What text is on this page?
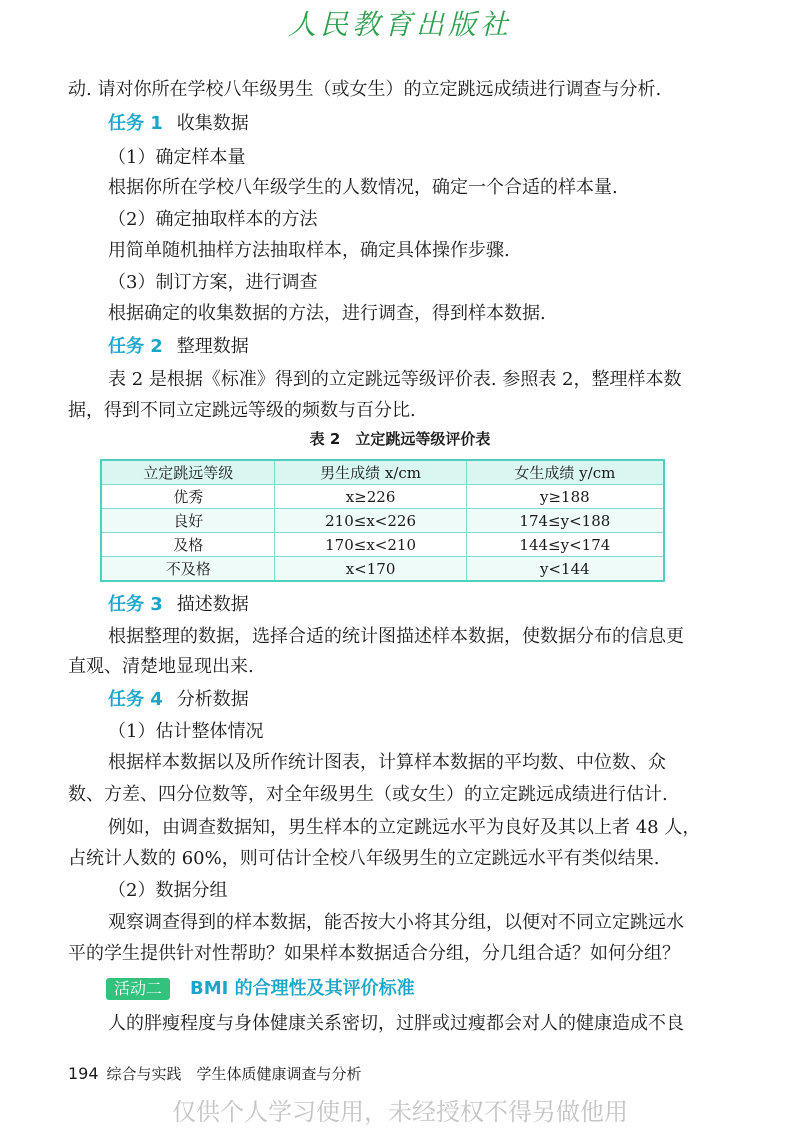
人民教育出版社
动. 请对你所在学校八年级男生（或女生）的立定跳远成绩进行调查与分析.
任务 1 收集数据
（1）确定样本量
根据你所在学校八年级学生的人数情况，确定一个合适的样本量.
（2）确定抽取样本的方法
用简单随机抽样方法抽取样本，确定具体操作步骤.
（3）制订方案，进行调查
根据确定的收集数据的方法，进行调查，得到样本数据.
任务 2 整理数据
表 2 是根据《标准》得到的立定跳远等级评价表. 参照表 2，整理样本数
据，得到不同立定跳远等级的频数与百分比.
表 2　立定跳远等级评价表
立定跳远等级	男生成绩 x/cm	女生成绩 y/cm
优秀	x≥226	y≥188
良好	210≤x<226	174≤y<188
及格	170≤x<210	144≤y<174
不及格	x<170	y<144
任务 3 描述数据
根据整理的数据，选择合适的统计图描述样本数据，使数据分布的信息更
直观、清楚地显现出来.
任务 4 分析数据
（1）估计整体情况
根据样本数据以及所作统计图表，计算样本数据的平均数、中位数、众
数、方差、四分位数等，对全年级男生（或女生）的立定跳远成绩进行估计.
例如，由调查数据知，男生样本的立定跳远水平为良好及其以上者 48 人，
占统计人数的 60%，则可估计全校八年级男生的立定跳远水平有类似结果.
（2）数据分组
观察调查得到的样本数据，能否按大小将其分组，以便对不同立定跳远水
平的学生提供针对性帮助？如果样本数据适合分组，分几组合适？如何分组？
活动二 BMI 的合理性及其评价标准
人的胖瘦程度与身体健康关系密切，过胖或过瘦都会对人的健康造成不良
194 综合与实践　学生体质健康调查与分析
仅供个人学习使用，未经授权不得另做他用
